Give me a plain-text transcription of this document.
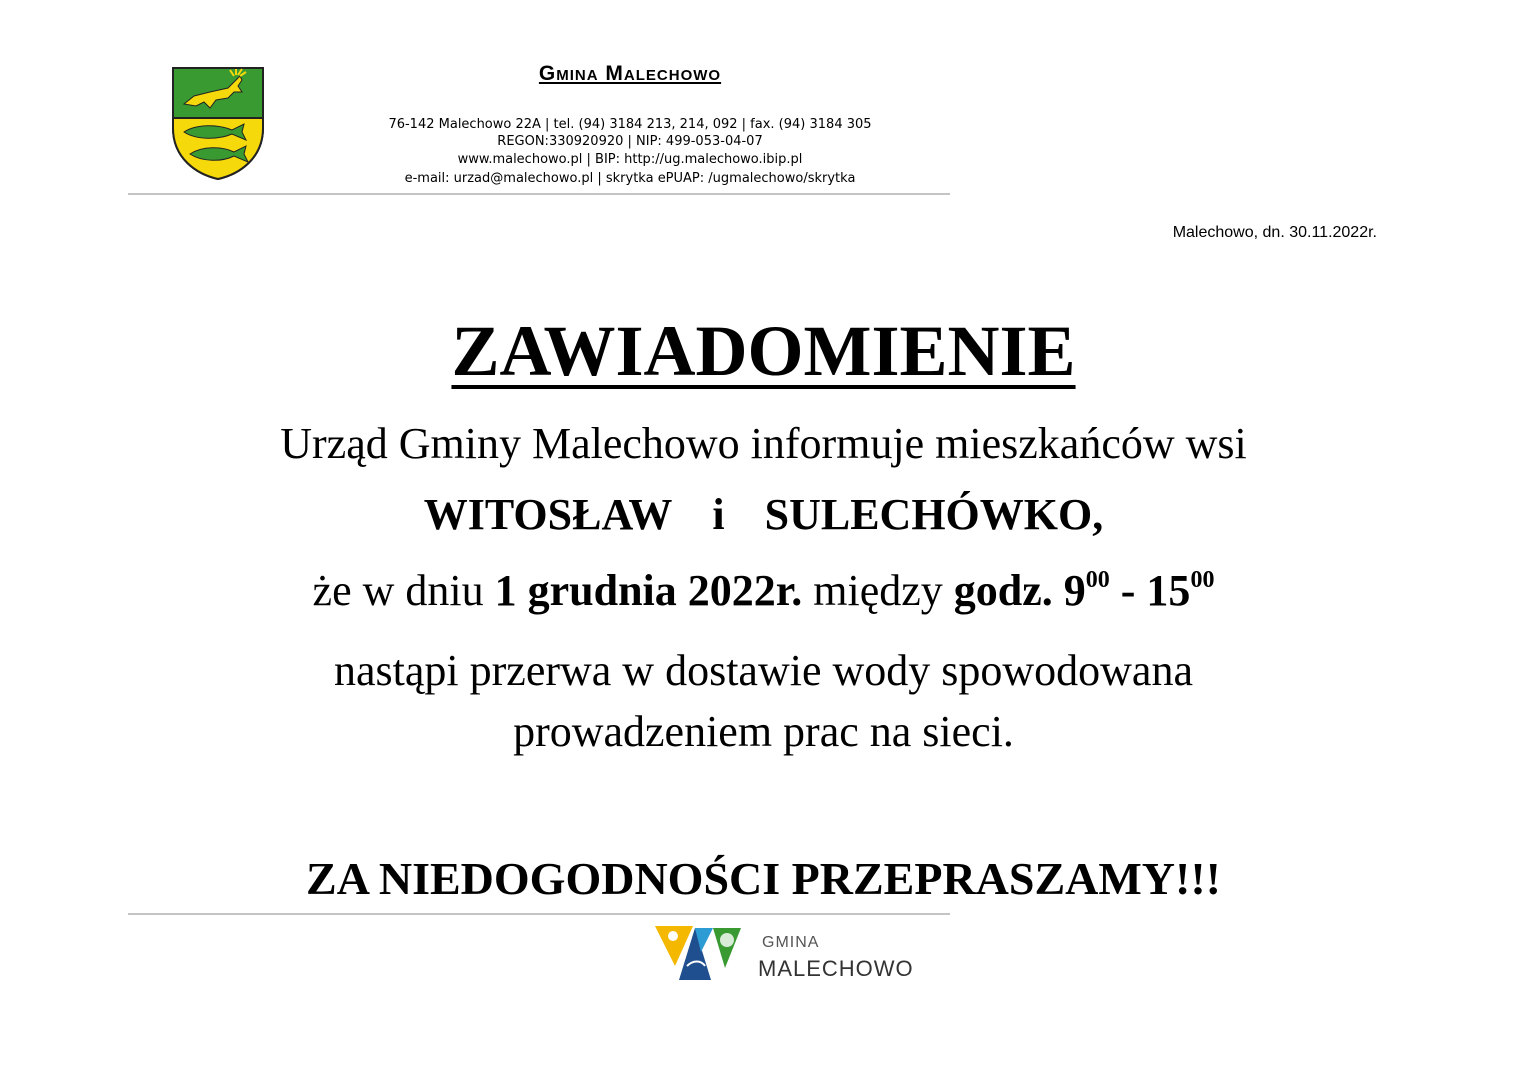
Gmina Malechowo
76-142 Malechowo 22A | tel. (94) 3184 213, 214, 092 | fax. (94) 3184 305
REGON:330920920 | NIP: 499-053-04-07
www.malechowo.pl | BIP: http://ug.malechowo.ibip.pl
e-mail: urzad@malechowo.pl | skrytka ePUAP: /ugmalechowo/skrytka
Malechowo, dn. 30.11.2022r.
ZAWIADOMIENIE
Urząd Gminy Malechowo informuje mieszkańców wsi
WITOSŁAW i SULECHÓWKO,
że w dniu 1 grudnia 2022r. między godz. $9^{00} - 15^{00}$
nastąpi przerwa w dostawie wody spowodowana
prowadzeniem prac na sieci.
ZA NIEDOGODNOŚCI PRZEPRASZAMY!!!
GMINA
MALECHOWO
